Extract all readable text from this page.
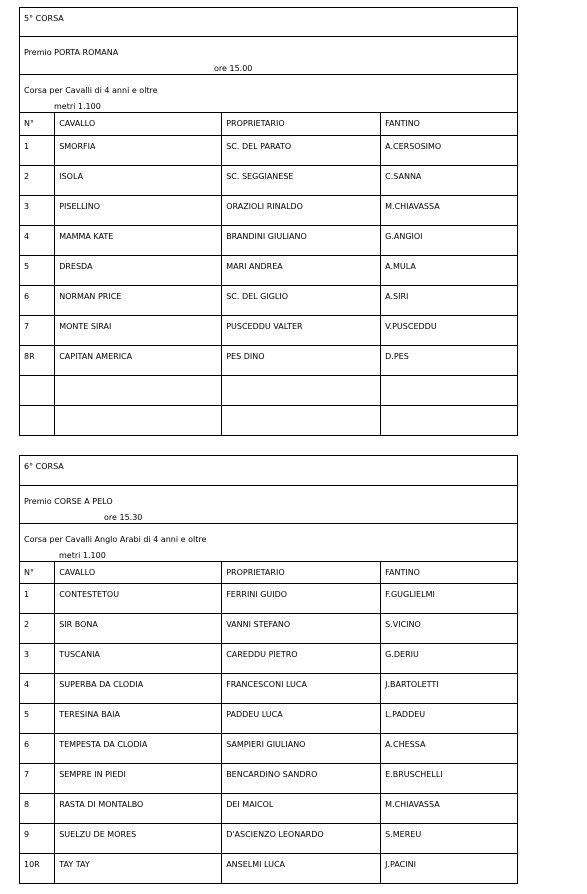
5° CORSA			

Premio PORTA ROMANA
ore 15.00			

Corsa per Cavalli di 4 anni e oltre
metri 1.100			

N°	CAVALLO	PROPRIETARIO	FANTINO

1	SMORFIA	SC. DEL PARATO	A.CERSOSIMO

2	ISOLA	SC. SEGGIANESE	C.SANNA

3	PISELLINO	ORAZIOLI RINALDO	M.CHIAVASSA

4	MAMMA KATE	BRANDINI GIULIANO	G.ANGIOI

5	DRESDA	MARI ANDREA	A.MULA

6	NORMAN PRICE	SC. DEL GIGLIO	A.SIRI

7	MONTE SIRAI	PUSCEDDU VALTER	V.PUSCEDDU

8R	CAPITAN AMERICA	PES DINO	D.PES

6° CORSA			

Premio CORSE A PELO
ore 15.30			

Corsa per Cavalli Anglo Arabi di 4 anni e oltre
metri 1.100			

N°	CAVALLO	PROPRIETARIO	FANTINO

1	CONTESTETOU	FERRINI GUIDO	F.GUGLIELMI

2	SIR BONA	VANNI STEFANO	S.VICINO

3	TUSCANIA	CAREDDU PIETRO	G.DERIU

4	SUPERBA DA CLODIA	FRANCESCONI LUCA	J.BARTOLETTI

5	TERESINA BAIA	PADDEU LUCA	L.PADDEU

6	TEMPESTA DA CLODIA	SAMPIERI GIULIANO	A.CHESSA

7	SEMPRE IN PIEDI	BENCARDINO SANDRO	E.BRUSCHELLI

8	RASTA DI MONTALBO	DEI MAICOL	M.CHIAVASSA

9	SUELZU DE MORES	D'ASCIENZO LEONARDO	S.MEREU

10R	TAY TAY	ANSELMI LUCA	J.PACINI
